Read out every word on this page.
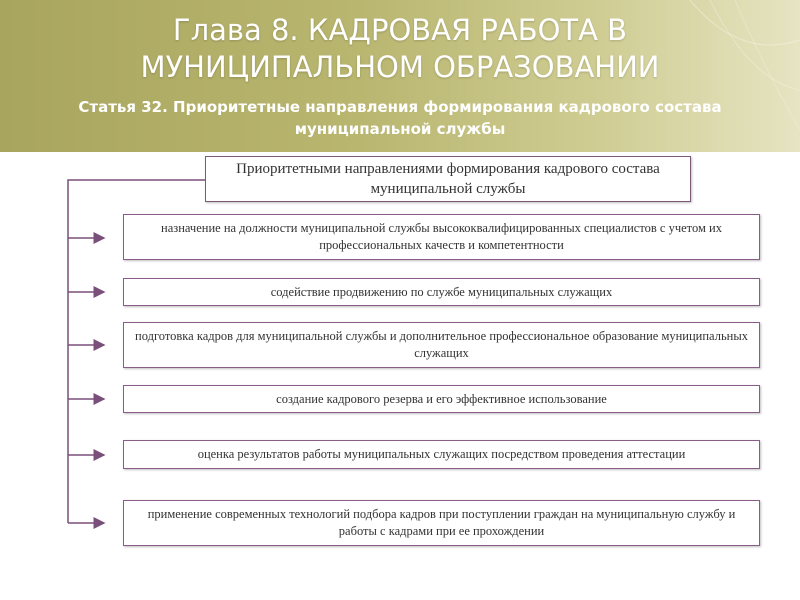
Глава 8. КАДРОВАЯ РАБОТА В МУНИЦИПАЛЬНОМ ОБРАЗОВАНИИ
Статья 32. Приоритетные направления формирования кадрового состава муниципальной службы
Приоритетными направлениями формирования кадрового состава муниципальной службы
назначение на должности муниципальной службы высококвалифицированных специалистов с учетом их профессиональных качеств и компетентности
содействие продвижению по службе муниципальных служащих
подготовка кадров для муниципальной службы и дополнительное профессиональное образование муниципальных служащих
создание кадрового резерва и его эффективное использование
оценка результатов работы муниципальных служащих посредством проведения аттестации
применение современных технологий подбора кадров при поступлении граждан на муниципальную службу и работы с кадрами при ее прохождении
